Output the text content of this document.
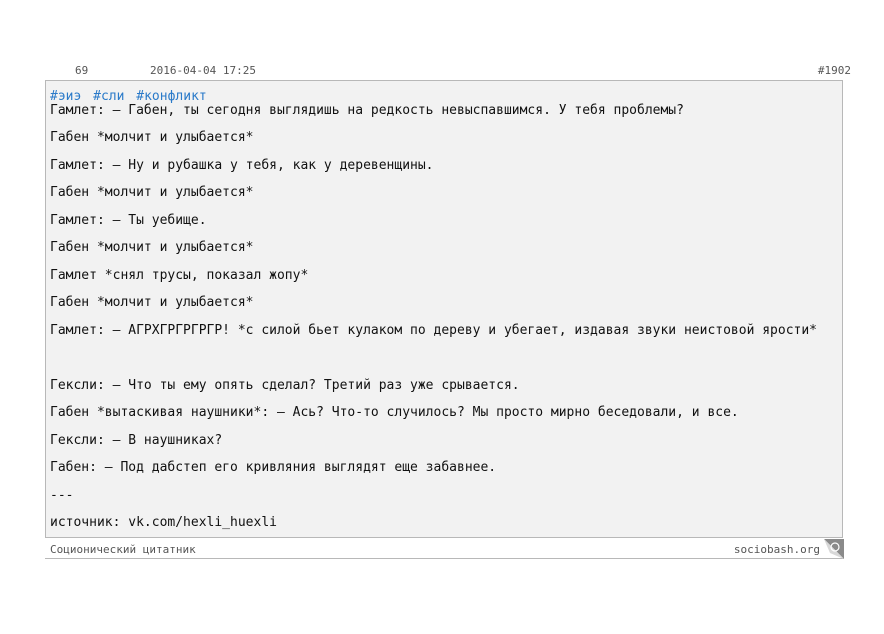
69	2016-04-04 17:25	#1902
#эиэ #сли #конфликт
Гамлет: – Габен, ты сегодня выглядишь на редкость невыспавшимся. У тебя проблемы?
Габен *молчит и улыбается*
Гамлет: – Ну и рубашка у тебя, как у деревенщины.
Габен *молчит и улыбается*
Гамлет: – Ты уебище.
Габен *молчит и улыбается*
Гамлет *снял трусы, показал жопу*
Габен *молчит и улыбается*
Гамлет: – АГРХГРГРГРГР! *с силой бьет кулаком по дереву и убегает, издавая звуки неистовой ярости*
Гексли: – Что ты ему опять сделал? Третий раз уже срывается.
Габен *вытаскивая наушники*: – Ась? Что-то случилось? Мы просто мирно беседовали, и все.
Гексли: – В наушниках?
Габен: – Под дабстеп его кривляния выглядят еще забавнее.
---
источник: vk.com/hexli_huexli
Соционический цитатник	sociobash.org
